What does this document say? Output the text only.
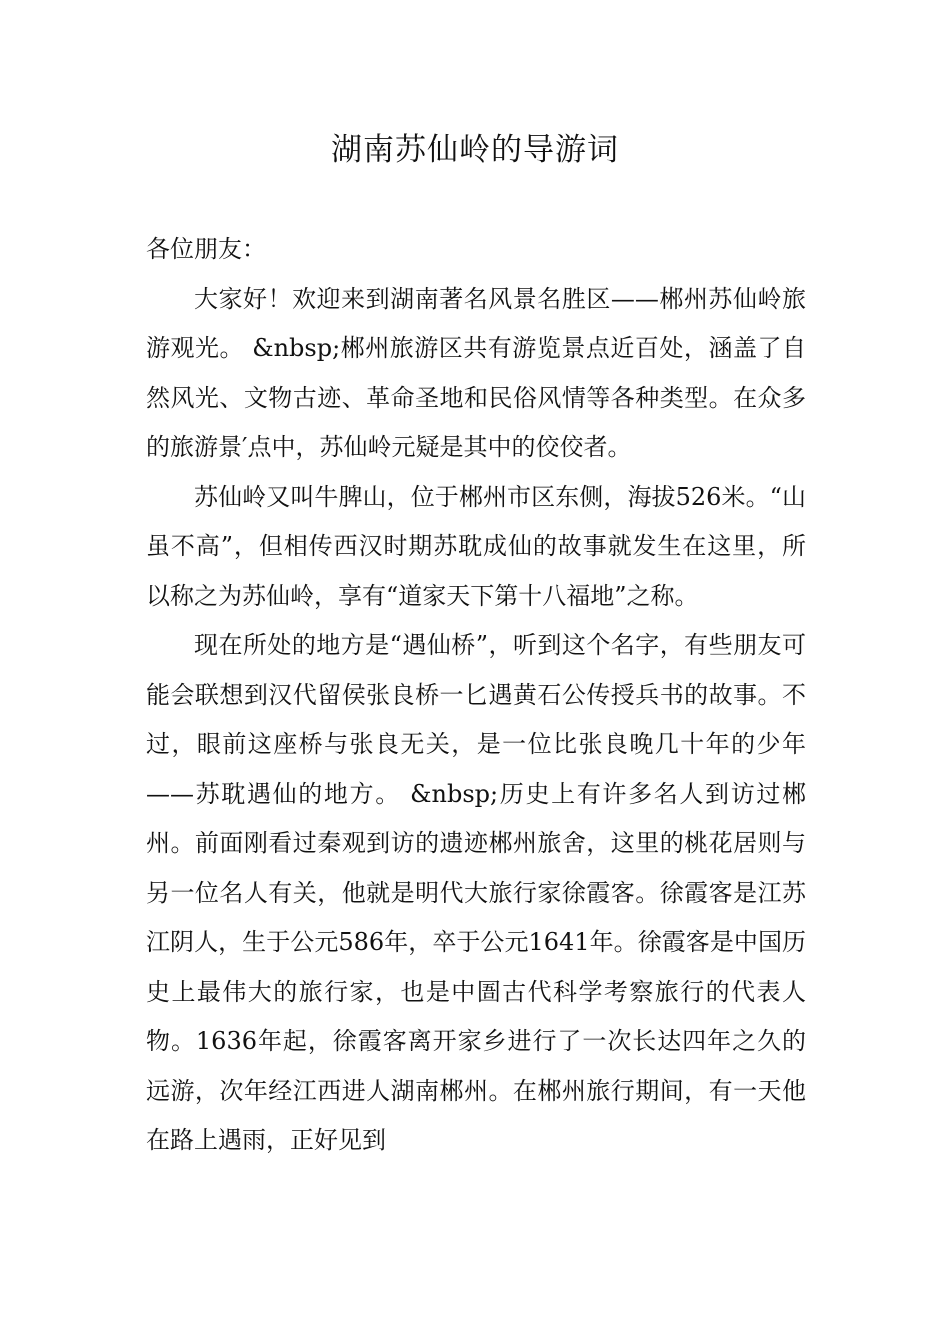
湖南苏仙岭的导游词

各位朋友：

大家好！欢迎来到湖南著名风景名胜区——郴州苏仙岭旅游观光。 &nbsp;郴州旅游区共有游览景点近百处，涵盖了自然风光、文物古迹、革命圣地和民俗风情等各种类型。在众多的旅游景′点中，苏仙岭元疑是其中的佼佼者。

苏仙岭又叫牛脾山，位于郴州市区东侧，海拔526米。“山虽不高”，但相传西汉时期苏耽成仙的故事就发生在这里，所以称之为苏仙岭，享有“道家天下第十八福地”之称。

现在所处的地方是“遇仙桥”，听到这个名字，有些朋友可能会联想到汉代留侯张良桥一匕遇黄石公传授兵书的故事。不过，眼前这座桥与张良无关，是一位比张良晚几十年的少年——苏耽遇仙的地方。 &nbsp;历史上有许多名人到访过郴州。前面刚看过秦观到访的遗迹郴州旅舍，这里的桃花居则与另一位名人有关，他就是明代大旅行家徐霞客。徐霞客是江苏江阴人，生于公元586年，卒于公元1641年。徐霞客是中国历史上最伟大的旅行家，也是中圄古代科学考察旅行的代表人物。1636年起，徐霞客离开家乡进行了一次长达四年之久的远游，次年经江西进人湖南郴州。在郴州旅行期间，有一天他在路上遇雨，正好见到
